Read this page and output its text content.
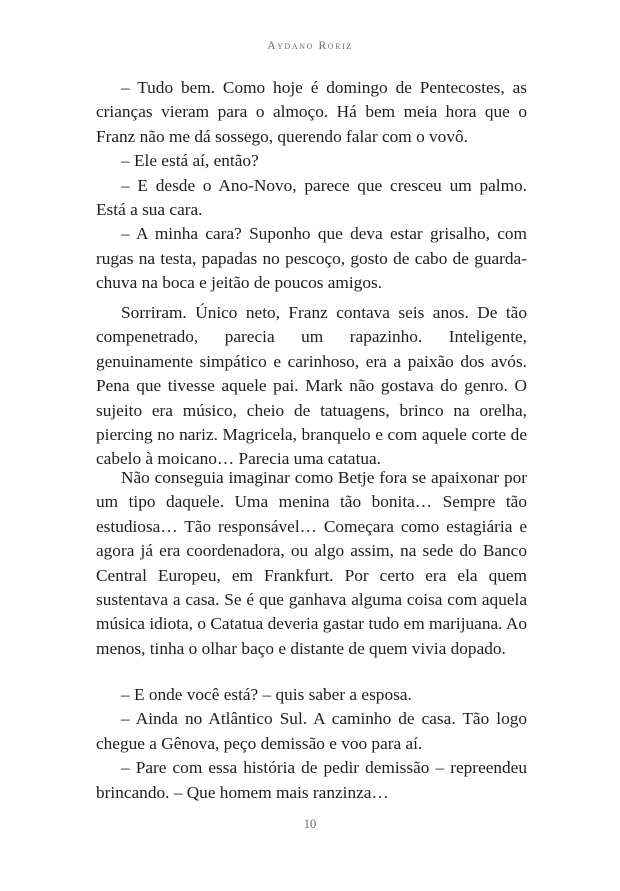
Aydano Roriz

– Tudo bem. Como hoje é domingo de Pentecostes, as crianças vieram para o almoço. Há bem meia hora que o Franz não me dá sossego, querendo falar com o vovô.

– Ele está aí, então?

– E desde o Ano-Novo, parece que cresceu um palmo. Está a sua cara.

– A minha cara? Suponho que deva estar grisalho, com rugas na testa, papadas no pescoço, gosto de cabo de guarda-chuva na boca e jeitão de poucos amigos.

Sorriram. Único neto, Franz contava seis anos. De tão compenetrado, parecia um rapazinho. Inteligente, genuinamente simpático e carinhoso, era a paixão dos avós. Pena que tivesse aquele pai. Mark não gostava do genro. O sujeito era músico, cheio de tatuagens, brinco na orelha, piercing no nariz. Magricela, branquelo e com aquele corte de cabelo à moicano… Parecia uma catatua.

Não conseguia imaginar como Betje fora se apaixonar por um tipo daquele. Uma menina tão bonita… Sempre tão estudiosa… Tão responsável… Começara como estagiária e agora já era coordenadora, ou algo assim, na sede do Banco Central Europeu, em Frankfurt. Por certo era ela quem sustentava a casa. Se é que ganhava alguma coisa com aquela música idiota, o Catatua deveria gastar tudo em marijuana. Ao menos, tinha o olhar baço e distante de quem vivia dopado.

– E onde você está? – quis saber a esposa.

– Ainda no Atlântico Sul. A caminho de casa. Tão logo chegue a Gênova, peço demissão e voo para aí.

– Pare com essa história de pedir demissão – repreendeu brincando. – Que homem mais ranzinza…

10
